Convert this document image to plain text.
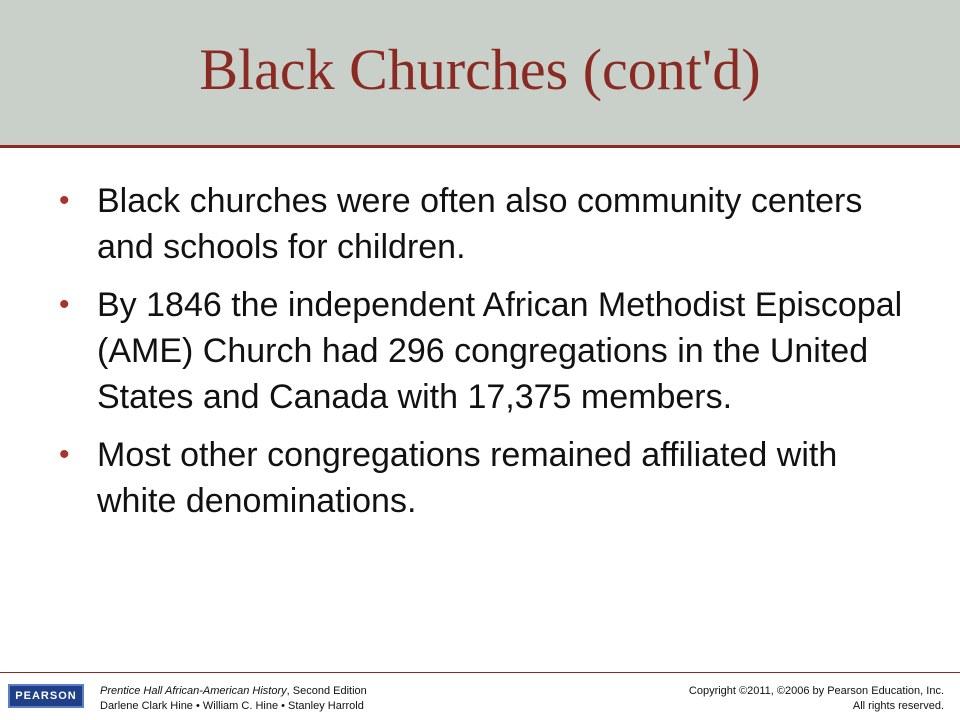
Black Churches (cont'd)
• Black churches were often also community centers and schools for children.
• By 1846 the independent African Methodist Episcopal (AME) Church had 296 congregations in the United States and Canada with 17,375 members.
• Most other congregations remained affiliated with white denominations.
PEARSON	Prentice Hall African-American History, Second Edition
Darlene Clark Hine • William C. Hine • Stanley Harrold
Copyright ©2011, ©2006 by Pearson Education, Inc.
All rights reserved.
